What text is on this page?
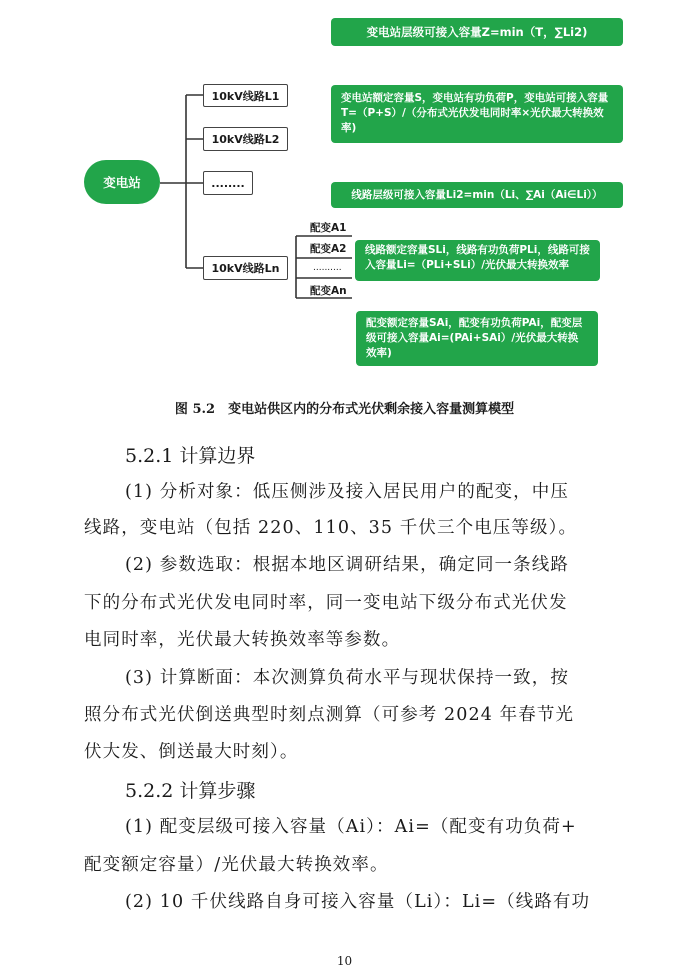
变电站
10kV线路L1
10kV线路L2
........
10kV线路Ln
配变A1
配变A2
..........
配变An
变电站层级可接入容量Z=min（T，∑Li2)
变电站额定容量S，变电站有功负荷P，变电站可接入容量T=（P+S）/（分布式光伏发电同时率×光伏最大转换效率)
线路层级可接入容量Li2=min（Li、∑Ai（Ai∈Li））
线路额定容量SLi，线路有功负荷PLi，线路可接入容量Li=（PLi+SLi）/光伏最大转换效率
配变额定容量SAi，配变有功负荷PAi，配变层级可接入容量Ai=(PAi+SAi）/光伏最大转换效率)
图 5.2　变电站供区内的分布式光伏剩余接入容量测算模型
5.2.1 计算边界
(1) 分析对象：低压侧涉及接入居民用户的配变，中压
线路，变电站（包括 220、110、35 千伏三个电压等级）。
(2) 参数选取：根据本地区调研结果，确定同一条线路
下的分布式光伏发电同时率，同一变电站下级分布式光伏发
电同时率，光伏最大转换效率等参数。
(3) 计算断面：本次测算负荷水平与现状保持一致，按
照分布式光伏倒送典型时刻点测算（可参考 2024 年春节光
伏大发、倒送最大时刻）。
5.2.2 计算步骤
(1) 配变层级可接入容量（Ai）：Ai=（配变有功负荷+
配变额定容量）/光伏最大转换效率。
(2) 10 千伏线路自身可接入容量（Li）：Li=（线路有功
10
